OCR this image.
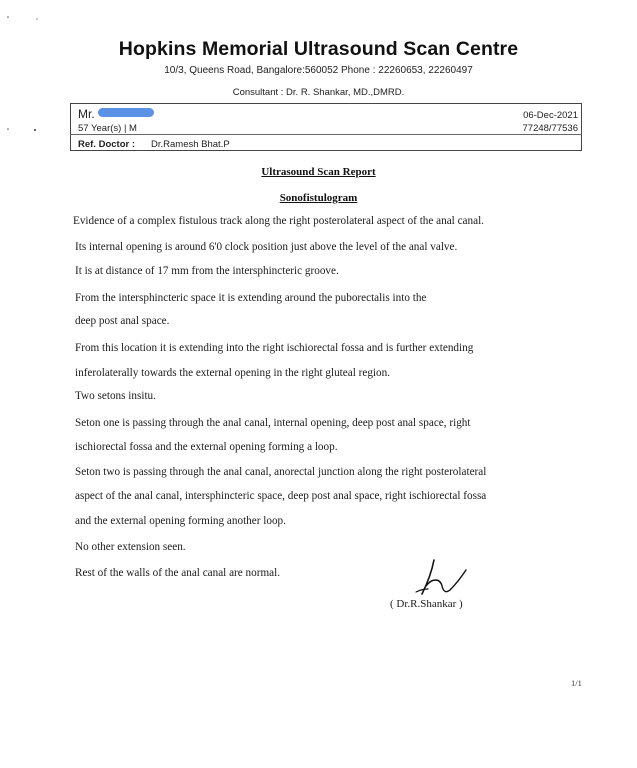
Hopkins Memorial Ultrasound Scan Centre
10/3, Queens Road, Bangalore:560052 Phone : 22260653, 22260497
Consultant : Dr. R. Shankar, MD.,DMRD.
Mr.
57 Year(s) | M
06-Dec-2021
77248/77536
Ref. Doctor : Dr.Ramesh Bhat.P
Ultrasound Scan Report
Sonofistulogram
Evidence of a complex fistulous track along the right posterolateral aspect of the anal canal.
Its internal opening is around 6'0 clock position just above the level of the anal valve.
It is at distance of 17 mm from the intersphincteric groove.
From the intersphincteric space it is extending around the puborectalis into the
deep post anal space.
From this location it is extending into the right ischiorectal fossa and is further extending
inferolaterally towards the external opening in the right gluteal region.
Two setons insitu.
Seton one is passing through the anal canal, internal opening, deep post anal space, right
ischiorectal fossa and the external opening forming a loop.
Seton two is passing through the anal canal, anorectal junction along the right posterolateral
aspect of the anal canal, intersphincteric space, deep post anal space, right ischiorectal fossa
and the external opening forming another loop.
No other extension seen.
Rest of the walls of the anal canal are normal.
( Dr.R.Shankar )
1/1
